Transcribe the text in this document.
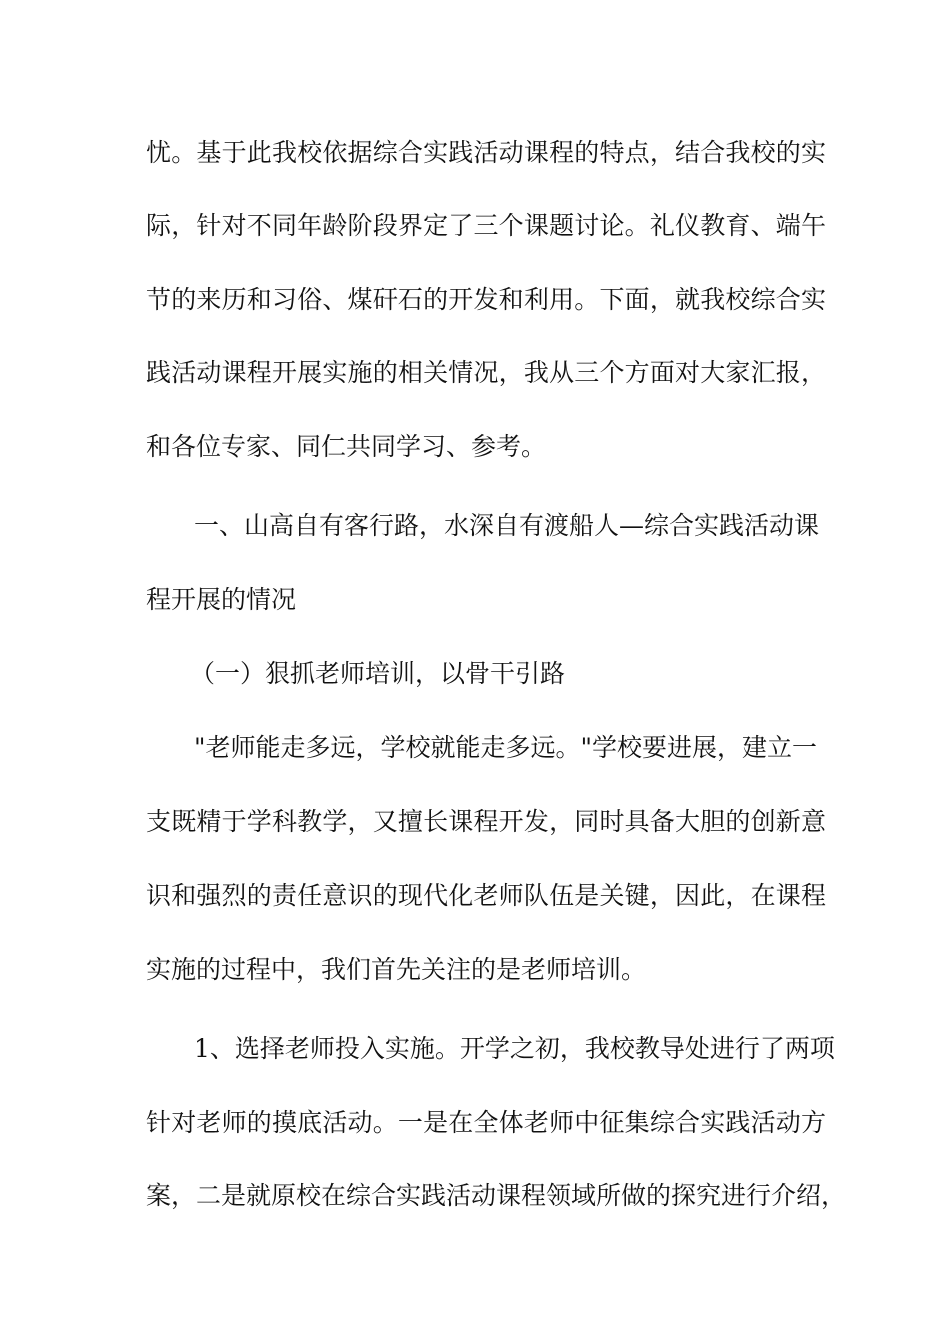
忧。基于此我校依据综合实践活动课程的特点，结合我校的实
际，针对不同年龄阶段界定了三个课题讨论。礼仪教育、端午
节的来历和习俗、煤矸石的开发和利用。下面，就我校综合实
践活动课程开展实施的相关情况，我从三个方面对大家汇报，
和各位专家、同仁共同学习、参考。
一、山高自有客行路，水深自有渡船人—综合实践活动课
程开展的情况
（一）狠抓老师培训，以骨干引路
"老师能走多远，学校就能走多远。"学校要进展，建立一
支既精于学科教学，又擅长课程开发，同时具备大胆的创新意
识和强烈的责任意识的现代化老师队伍是关键，因此，在课程
实施的过程中，我们首先关注的是老师培训。
1、选择老师投入实施。开学之初，我校教导处进行了两项
针对老师的摸底活动。一是在全体老师中征集综合实践活动方
案，二是就原校在综合实践活动课程领域所做的探究进行介绍，
